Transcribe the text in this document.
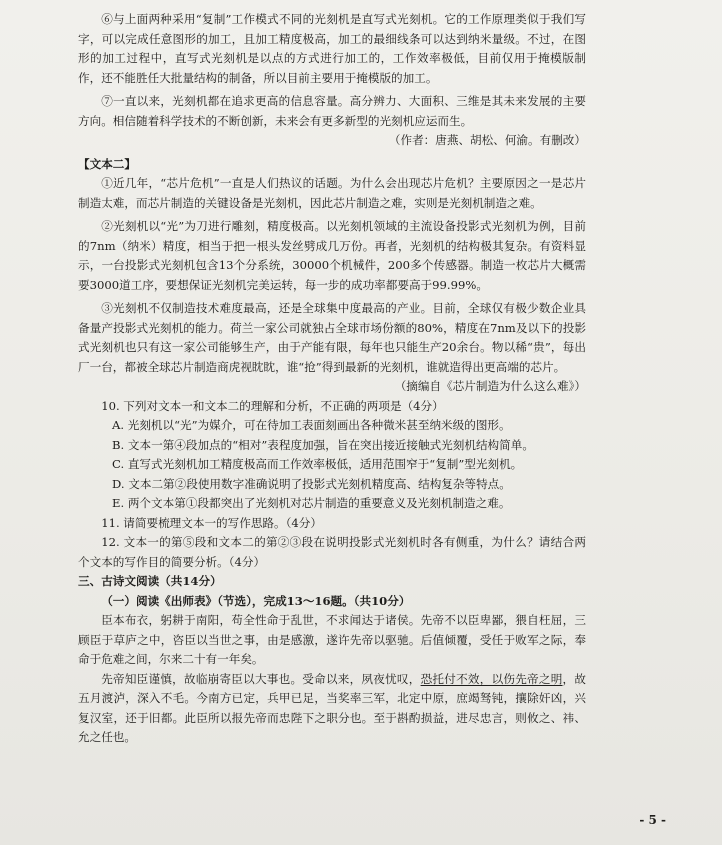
⑥与上面两种采用“复制”工作模式不同的光刻机是直写式光刻机。它的工作原理类似于我们写字，可以完成任意图形的加工，且加工精度极高，加工的最细线条可以达到纳米量级。不过，在图形的加工过程中，直写式光刻机是以点的方式进行加工的，工作效率极低，目前仅用于掩模版制作，还不能胜任大批量结构的制备，所以目前主要用于掩模版的加工。

⑦一直以来，光刻机都在追求更高的信息容量。高分辨力、大面积、三维是其未来发展的主要方向。相信随着科学技术的不断创新，未来会有更多新型的光刻机应运而生。

（作者：唐燕、胡松、何渝。有删改）

【文本二】

①近几年，“芯片危机”一直是人们热议的话题。为什么会出现芯片危机？主要原因之一是芯片制造太难，而芯片制造的关键设备是光刻机，因此芯片制造之难，实则是光刻机制造之难。

②光刻机以“光”为刀进行雕刻，精度极高。以光刻机领域的主流设备投影式光刻机为例，目前的7nm（纳米）精度，相当于把一根头发丝劈成几万份。再者，光刻机的结构极其复杂。有资料显示，一台投影式光刻机包含13个分系统，30000个机械件，200多个传感器。制造一枚芯片大概需要3000道工序，要想保证光刻机完美运转，每一步的成功率都要高于99.99%。

③光刻机不仅制造技术难度最高，还是全球集中度最高的产业。目前，全球仅有极少数企业具备量产投影式光刻机的能力。荷兰一家公司就独占全球市场份额的80%，精度在7nm及以下的投影式光刻机也只有这一家公司能够生产，由于产能有限，每年也只能生产20余台。物以稀“贵”，每出厂一台，都被全球芯片制造商虎视眈眈，谁“抢”得到最新的光刻机，谁就造得出更高端的芯片。

（摘编自《芯片制造为什么这么难》）

10. 下列对文本一和文本二的理解和分析，不正确的两项是（4分）

A. 光刻机以“光”为媒介，可在待加工表面刻画出各种微米甚至纳米级的图形。

B. 文本一第④段加点的“相对”表程度加强，旨在突出接近接触式光刻机结构简单。

C. 直写式光刻机加工精度极高而工作效率极低，适用范围窄于“复制”型光刻机。

D. 文本二第②段使用数字准确说明了投影式光刻机精度高、结构复杂等特点。

E. 两个文本第①段都突出了光刻机对芯片制造的重要意义及光刻机制造之难。

11. 请简要梳理文本一的写作思路。（4分）

12. 文本一的第⑤段和文本二的第②③段在说明投影式光刻机时各有侧重，为什么？请结合两个文本的写作目的简要分析。（4分）

三、古诗文阅读（共14分）

（一）阅读《出师表》（节选），完成13～16题。（共10分）

臣本布衣，躬耕于南阳，苟全性命于乱世，不求闻达于诸侯。先帝不以臣卑鄙，猥自枉屈，三顾臣于草庐之中，咨臣以当世之事，由是感激，遂许先帝以驱驰。后值倾覆，受任于败军之际，奉命于危难之间，尔来二十有一年矣。

先帝知臣谨慎，故临崩寄臣以大事也。受命以来，夙夜忧叹，恐托付不效，以伤先帝之明，故五月渡泸，深入不毛。今南方已定，兵甲已足，当奖率三军，北定中原，庶竭驽钝，攘除奸凶，兴复汉室，还于旧都。此臣所以报先帝而忠陛下之职分也。至于斟酌损益，进尽忠言，则攸之、祎、允之任也。

- 5 -
